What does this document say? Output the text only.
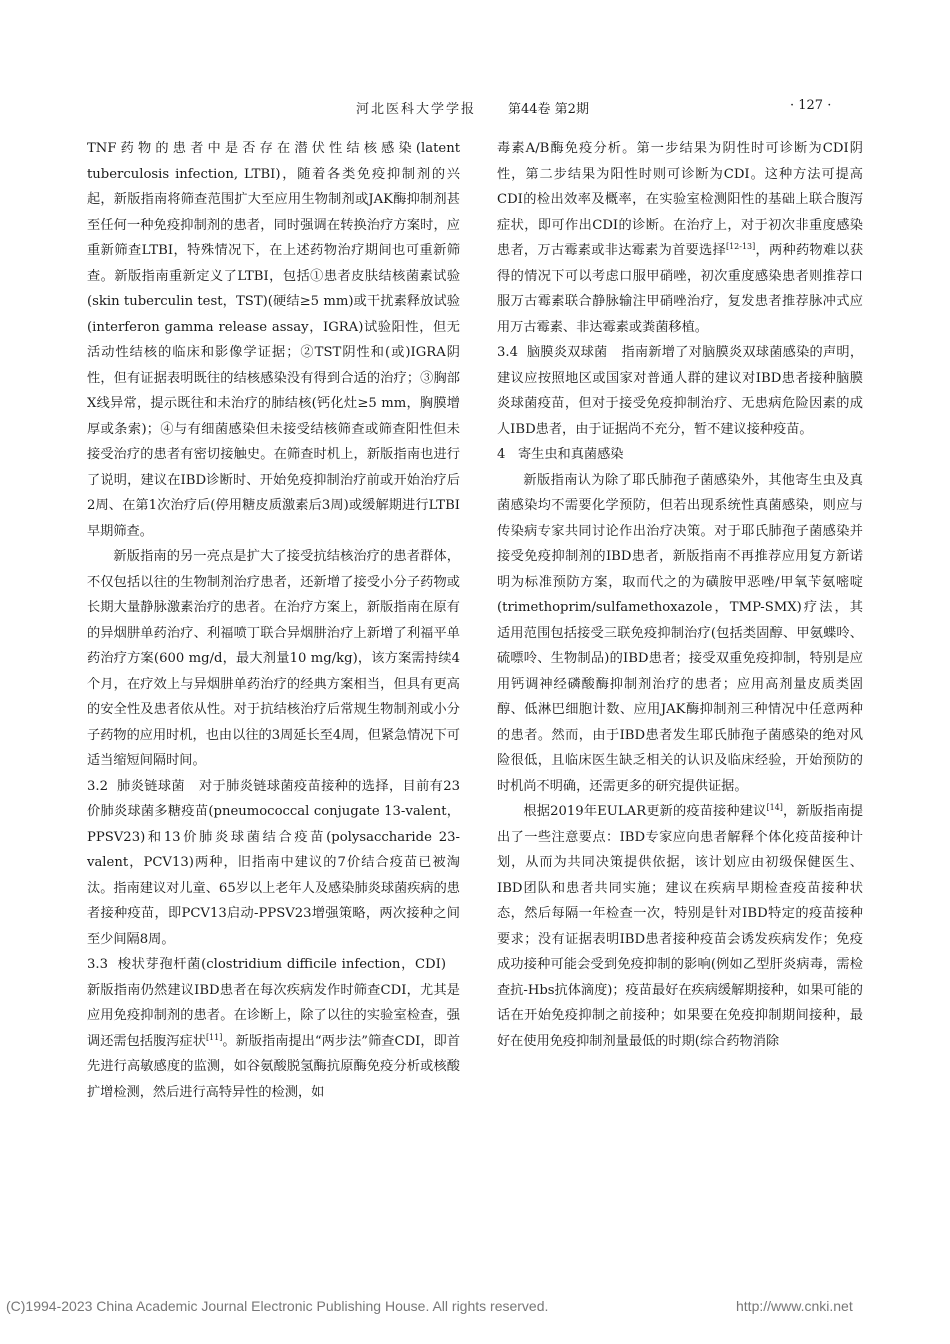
河北医科大学学报 第44卷 第2期	· 127 ·

TNF药物的患者中是否存在潜伏性结核感染(latent tuberculosis infection, LTBI)，随着各类免疫抑制剂的兴起，新版指南将筛查范围扩大至应用生物制剂或JAK酶抑制剂甚至任何一种免疫抑制剂的患者，同时强调在转换治疗方案时，应重新筛查LTBI，特殊情况下，在上述药物治疗期间也可重新筛查。新版指南重新定义了LTBI，包括①患者皮肤结核菌素试验(skin tuberculin test，TST)(硬结≥5 mm)或干扰素释放试验(interferon gamma release assay，IGRA)试验阳性，但无活动性结核的临床和影像学证据；②TST阴性和(或)IGRA阴性，但有证据表明既往的结核感染没有得到合适的治疗；③胸部X线异常，提示既往和未治疗的肺结核(钙化灶≥5 mm，胸膜增厚或条索)；④与有细菌感染但未接受结核筛查或筛查阳性但未接受治疗的患者有密切接触史。在筛查时机上，新版指南也进行了说明，建议在IBD诊断时、开始免疫抑制治疗前或开始治疗后2周、在第1次治疗后(停用糖皮质激素后3周)或缓解期进行LTBI早期筛查。

新版指南的另一亮点是扩大了接受抗结核治疗的患者群体，不仅包括以往的生物制剂治疗患者，还新增了接受小分子药物或长期大量静脉激素治疗的患者。在治疗方案上，新版指南在原有的异烟肼单药治疗、利福喷丁联合异烟肼治疗上新增了利福平单药治疗方案(600 mg/d，最大剂量10 mg/kg)，该方案需持续4个月，在疗效上与异烟肼单药治疗的经典方案相当，但具有更高的安全性及患者依从性。对于抗结核治疗后常规生物制剂或小分子药物的应用时机，也由以往的3周延长至4周，但紧急情况下可适当缩短间隔时间。

3.2 肺炎链球菌 对于肺炎链球菌疫苗接种的选择，目前有23价肺炎球菌多糖疫苗(pneumococcal conjugate 13-valent，PPSV23)和13价肺炎球菌结合疫苗(polysaccharide 23-valent，PCV13)两种，旧指南中建议的7价结合疫苗已被淘汰。指南建议对儿童、65岁以上老年人及感染肺炎球菌疾病的患者接种疫苗，即PCV13启动-PPSV23增强策略，两次接种之间至少间隔8周。

3.3 梭状芽孢杆菌(clostridium difficile infection，CDI)新版指南仍然建议IBD患者在每次疾病发作时筛查CDI，尤其是应用免疫抑制剂的患者。在诊断上，除了以往的实验室检查，强调还需包括腹泻症状[11]。新版指南提出“两步法”筛查CDI，即首先进行高敏感度的监测，如谷氨酸脱氢酶抗原酶免疫分析或核酸扩增检测，然后进行高特异性的检测，如

毒素A/B酶免疫分析。第一步结果为阴性时可诊断为CDI阴性，第二步结果为阳性时则可诊断为CDI。这种方法可提高CDI的检出效率及概率，在实验室检测阳性的基础上联合腹泻症状，即可作出CDI的诊断。在治疗上，对于初次非重度感染患者，万古霉素或非达霉素为首要选择[12-13]，两种药物难以获得的情况下可以考虑口服甲硝唑，初次重度感染患者则推荐口服万古霉素联合静脉输注甲硝唑治疗，复发患者推荐脉冲式应用万古霉素、非达霉素或粪菌移植。

3.4 脑膜炎双球菌 指南新增了对脑膜炎双球菌感染的声明，建议应按照地区或国家对普通人群的建议对IBD患者接种脑膜炎球菌疫苗，但对于接受免疫抑制治疗、无患病危险因素的成人IBD患者，由于证据尚不充分，暂不建议接种疫苗。

4 寄生虫和真菌感染

新版指南认为除了耶氏肺孢子菌感染外，其他寄生虫及真菌感染均不需要化学预防，但若出现系统性真菌感染，则应与传染病专家共同讨论作出治疗决策。对于耶氏肺孢子菌感染并接受免疫抑制剂的IBD患者，新版指南不再推荐应用复方新诺明为标准预防方案，取而代之的为磺胺甲恶唑/甲氧苄氨嘧啶(trimethoprim/sulfamethoxazole，TMP-SMX)疗法，其适用范围包括接受三联免疫抑制治疗(包括类固醇、甲氨蝶呤、硫嘌呤、生物制品)的IBD患者；接受双重免疫抑制，特别是应用钙调神经磷酸酶抑制剂治疗的患者；应用高剂量皮质类固醇、低淋巴细胞计数、应用JAK酶抑制剂三种情况中任意两种的患者。然而，由于IBD患者发生耶氏肺孢子菌感染的绝对风险很低，且临床医生缺乏相关的认识及临床经验，开始预防的时机尚不明确，还需更多的研究提供证据。

根据2019年EULAR更新的疫苗接种建议[14]，新版指南提出了一些注意要点：IBD专家应向患者解释个体化疫苗接种计划，从而为共同决策提供依据，该计划应由初级保健医生、IBD团队和患者共同实施；建议在疾病早期检查疫苗接种状态，然后每隔一年检查一次，特别是针对IBD特定的疫苗接种要求；没有证据表明IBD患者接种疫苗会诱发疾病发作；免疫成功接种可能会受到免疫抑制的影响(例如乙型肝炎病毒，需检查抗-Hbs抗体滴度)；疫苗最好在疾病缓解期接种，如果可能的话在开始免疫抑制之前接种；如果要在免疫抑制期间接种，最好在使用免疫抑制剂量最低的时期(综合药物消除

(C)1994-2023 China Academic Journal Electronic Publishing House. All rights reserved.	http://www.cnki.net
